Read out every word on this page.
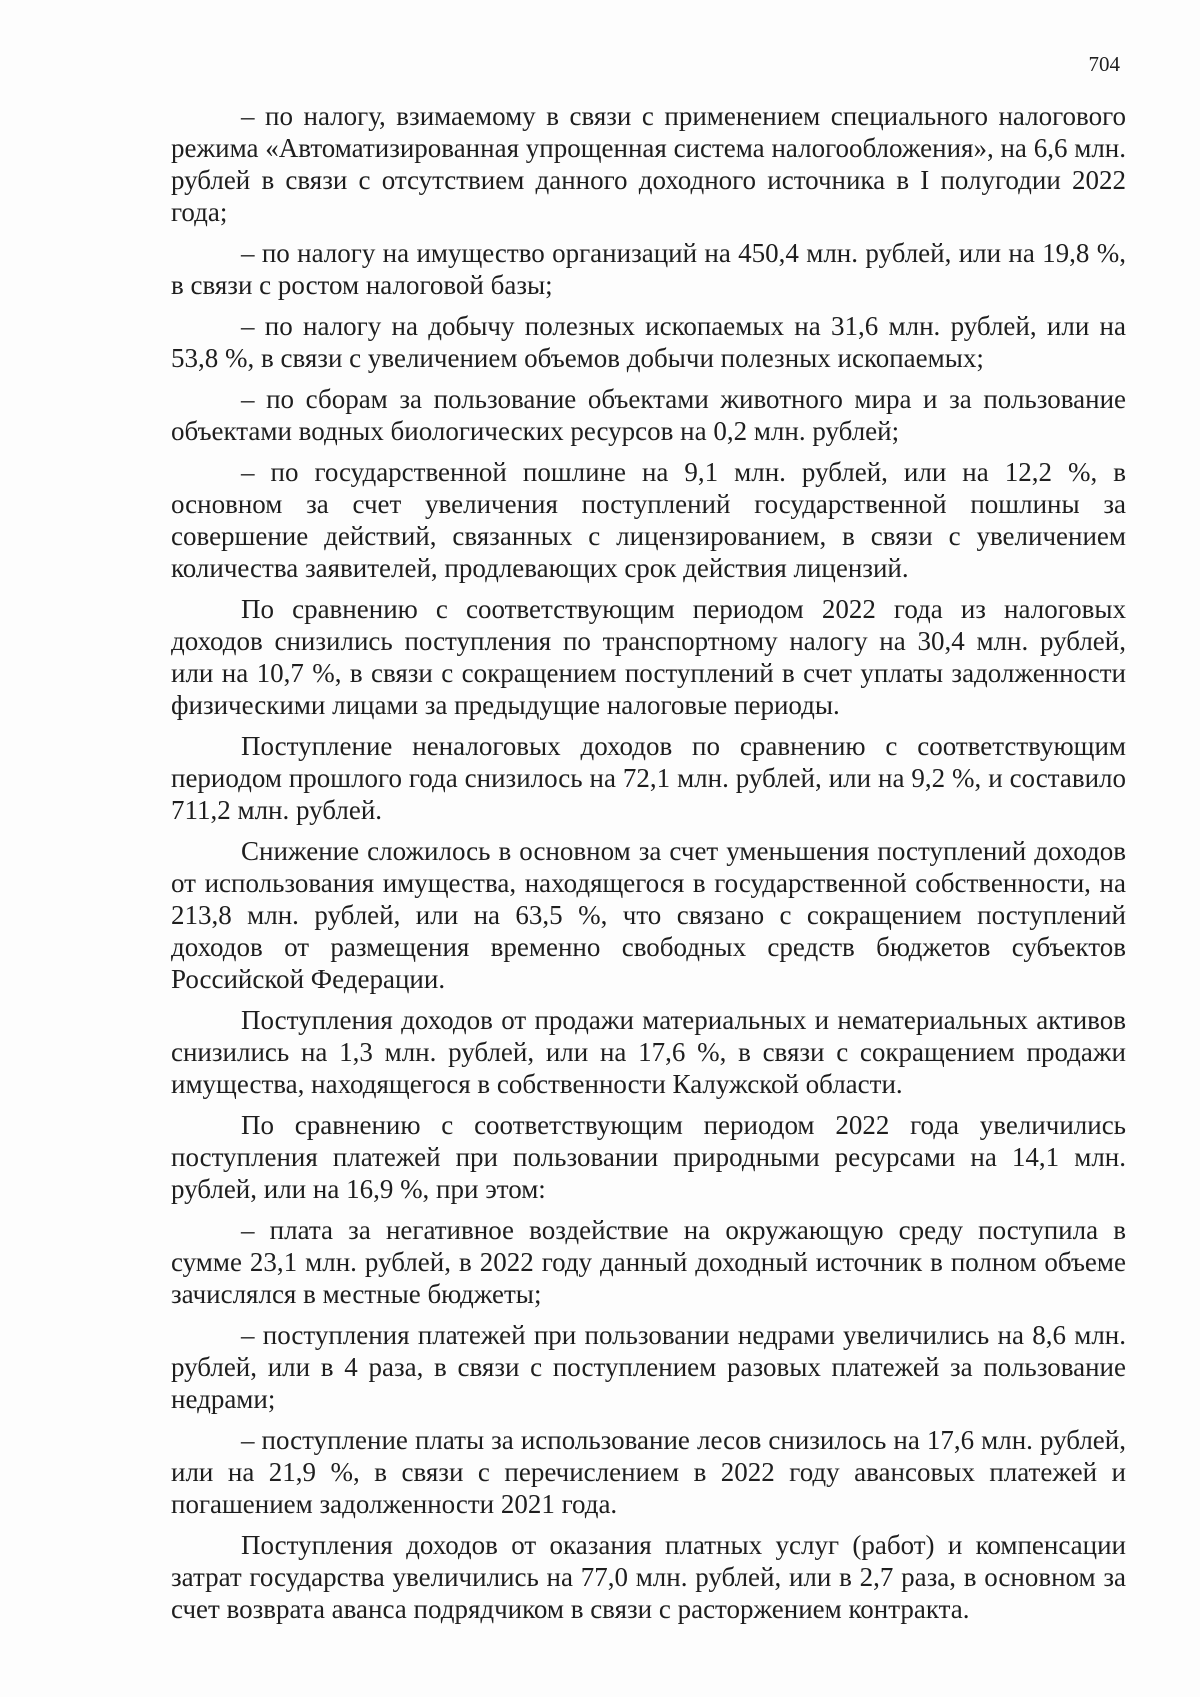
704

– по налогу, взимаемому в связи с применением специального налогового режима «Автоматизированная упрощенная система налогообложения», на 6,6 млн. рублей в связи с отсутствием данного доходного источника в I полугодии 2022 года;

– по налогу на имущество организаций на 450,4 млн. рублей, или на 19,8 %, в связи с ростом налоговой базы;

– по налогу на добычу полезных ископаемых на 31,6 млн. рублей, или на 53,8 %, в связи с увеличением объемов добычи полезных ископаемых;

– по сборам за пользование объектами животного мира и за пользование объектами водных биологических ресурсов на 0,2 млн. рублей;

– по государственной пошлине на 9,1 млн. рублей, или на 12,2 %, в основном за счет увеличения поступлений государственной пошлины за совершение действий, связанных с лицензированием, в связи с увеличением количества заявителей, продлевающих срок действия лицензий.

По сравнению с соответствующим периодом 2022 года из налоговых доходов снизились поступления по транспортному налогу на 30,4 млн. рублей, или на 10,7 %, в связи с сокращением поступлений в счет уплаты задолженности физическими лицами за предыдущие налоговые периоды.

Поступление неналоговых доходов по сравнению с соответствующим периодом прошлого года снизилось на 72,1 млн. рублей, или на 9,2 %, и составило 711,2 млн. рублей.

Снижение сложилось в основном за счет уменьшения поступлений доходов от использования имущества, находящегося в государственной собственности, на 213,8 млн. рублей, или на 63,5 %, что связано с сокращением поступлений доходов от размещения временно свободных средств бюджетов субъектов Российской Федерации.

Поступления доходов от продажи материальных и нематериальных активов снизились на 1,3 млн. рублей, или на 17,6 %, в связи с сокращением продажи имущества, находящегося в собственности Калужской области.

По сравнению с соответствующим периодом 2022 года увеличились поступления платежей при пользовании природными ресурсами на 14,1 млн. рублей, или на 16,9 %, при этом:

– плата за негативное воздействие на окружающую среду поступила в сумме 23,1 млн. рублей, в 2022 году данный доходный источник в полном объеме зачислялся в местные бюджеты;

– поступления платежей при пользовании недрами увеличились на 8,6 млн. рублей, или в 4 раза, в связи с поступлением разовых платежей за пользование недрами;

– поступление платы за использование лесов снизилось на 17,6 млн. рублей, или на 21,9 %, в связи с перечислением в 2022 году авансовых платежей и погашением задолженности 2021 года.

Поступления доходов от оказания платных услуг (работ) и компенсации затрат государства увеличились на 77,0 млн. рублей, или в 2,7 раза, в основном за счет возврата аванса подрядчиком в связи с расторжением контракта.
